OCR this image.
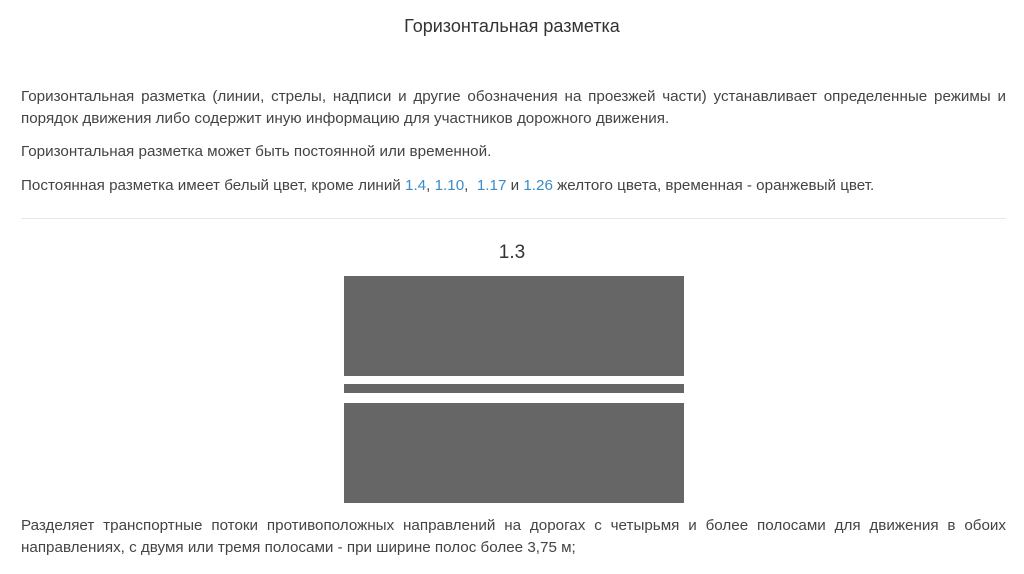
Горизонтальная разметка

Горизонтальная разметка (линии, стрелы, надписи и другие обозначения на проезжей части) устанавливает определенные режимы и порядок движения либо содержит иную информацию для участников дорожного движения.

Горизонтальная разметка может быть постоянной или временной.

Постоянная разметка имеет белый цвет, кроме линий 1.4, 1.10,  1.17 и 1.26 желтого цвета, временная - оранжевый цвет.

1.3
Разделяет транспортные потоки противоположных направлений на дорогах с четырьмя и более полосами для движения в обоих направлениях, с двумя или тремя полосами - при ширине полос более 3,75 м;
